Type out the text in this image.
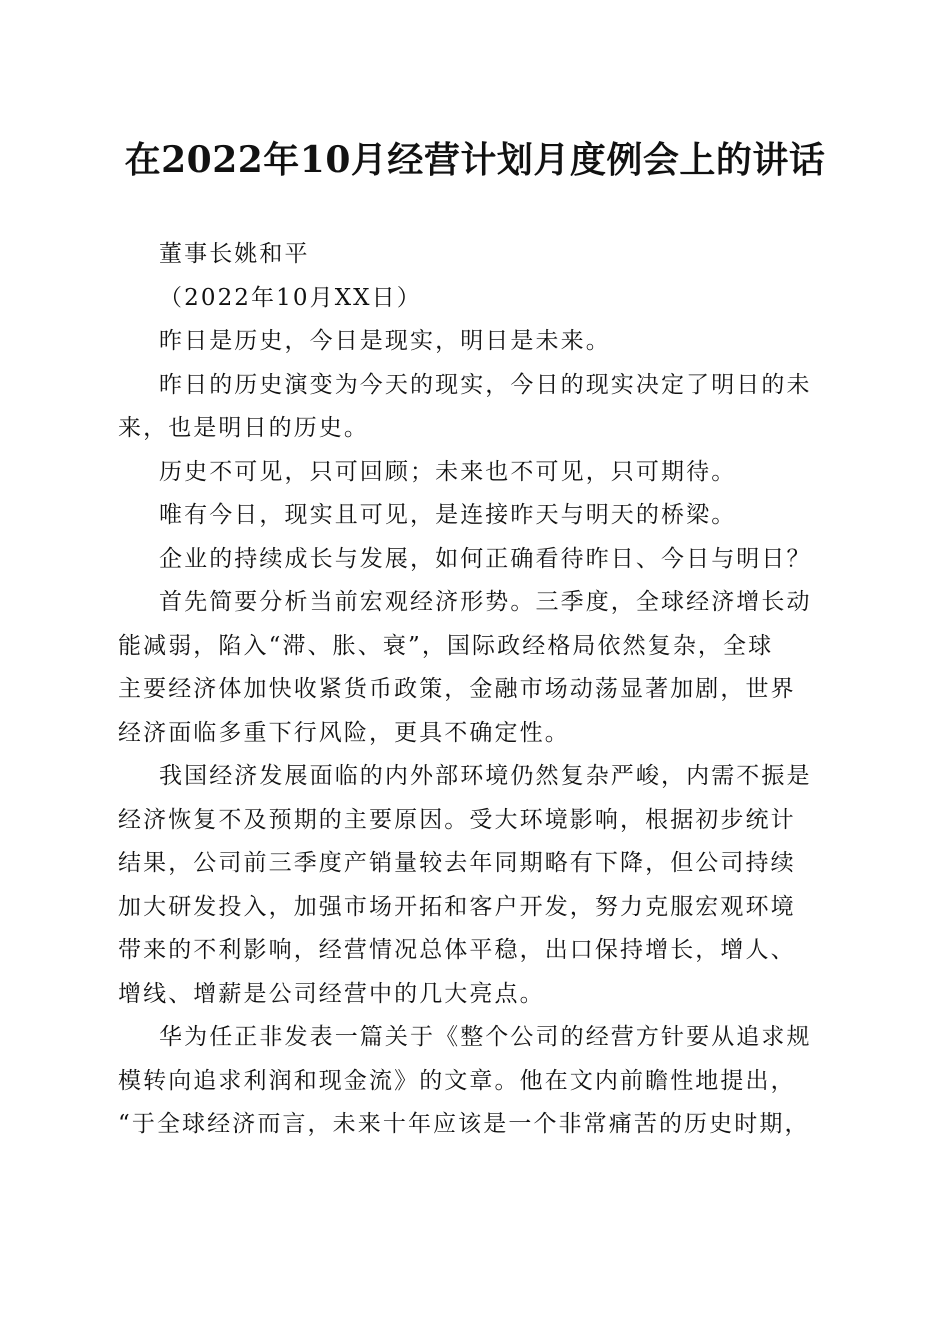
在2022年10月经营计划月度例会上的讲话

董事长姚和平

（2022年10月XX日）

昨日是历史，今日是现实，明日是未来。

昨日的历史演变为今天的现实，今日的现实决定了明日的未

来，也是明日的历史。

历史不可见，只可回顾；未来也不可见，只可期待。

唯有今日，现实且可见，是连接昨天与明天的桥梁。

企业的持续成长与发展，如何正确看待昨日、今日与明日？

首先简要分析当前宏观经济形势。三季度，全球经济增长动

能减弱，陷入“滞、胀、衰”，国际政经格局依然复杂，全球

主要经济体加快收紧货币政策，金融市场动荡显著加剧，世界

经济面临多重下行风险，更具不确定性。

我国经济发展面临的内外部环境仍然复杂严峻，内需不振是

经济恢复不及预期的主要原因。受大环境影响，根据初步统计

结果，公司前三季度产销量较去年同期略有下降，但公司持续

加大研发投入，加强市场开拓和客户开发，努力克服宏观环境

带来的不利影响，经营情况总体平稳，出口保持增长，增人、

增线、增薪是公司经营中的几大亮点。

华为任正非发表一篇关于《整个公司的经营方针要从追求规

模转向追求利润和现金流》的文章。他在文内前瞻性地提出，

“于全球经济而言，未来十年应该是一个非常痛苦的历史时期，
